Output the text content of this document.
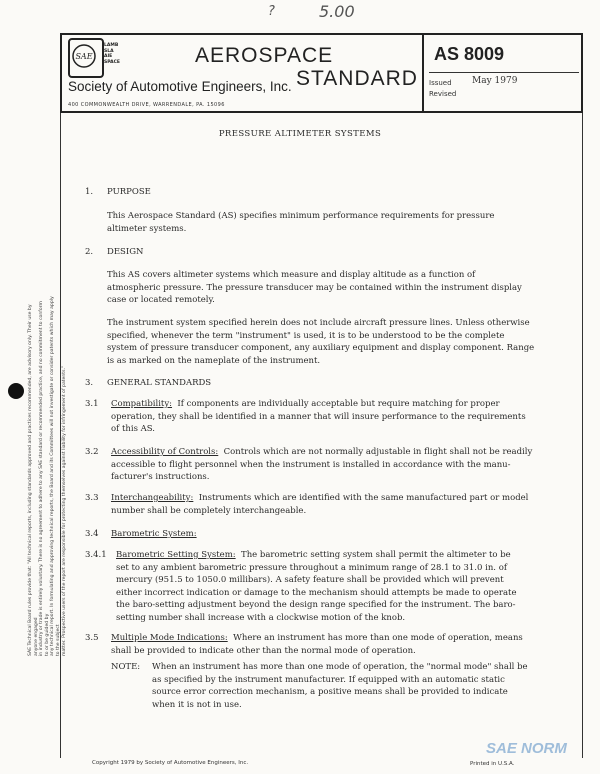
?	5.00
SAE
LAMB
SLA
AIE
SPACE	AEROSPACE
STANDARD
Society of Automotive Engineers, Inc.
400 COMMONWEALTH DRIVE, WARRENDALE, PA. 15096
AS 8009
Issued May 1979
Revised
PRESSURE ALTIMETER SYSTEMS
1. PURPOSE
This Aerospace Standard (AS) specifies minimum performance requirements for pressure
altimeter systems.
2. DESIGN
This AS covers altimeter systems which measure and display altitude as a function of
atmospheric pressure. The pressure transducer may be contained within the instrument display
case or located remotely.
The instrument system specified herein does not include aircraft pressure lines. Unless otherwise
specified, whenever the term "instrument" is used, it is to be understood to be the complete
system of pressure transducer component, any auxiliary equipment and display component. Range
is as marked on the nameplate of the instrument.
3. GENERAL STANDARDS
3.1 Compatibility: If components are individually acceptable but require matching for proper
operation, they shall be identified in a manner that will insure performance to the requirements
of this AS.
3.2 Accessibility of Controls: Controls which are not normally adjustable in flight shall not be readily
accessible to flight personnel when the instrument is installed in accordance with the manu-
facturer's instructions.
3.3 Interchangeability: Instruments which are identified with the same manufactured part or model
number shall be completely interchangeable.
3.4 Barometric System:
3.4.1 Barometric Setting System: The barometric setting system shall permit the altimeter to be
set to any ambient barometric pressure throughout a minimum range of 28.1 to 31.0 in. of
mercury (951.5 to 1050.0 millibars). A safety feature shall be provided which will prevent
either incorrect indication or damage to the mechanism should attempts be made to operate
the baro-setting adjustment beyond the design range specified for the instrument. The baro-
setting number shall increase with a clockwise motion of the knob.
3.5 Multiple Mode Indications: Where an instrument has more than one mode of operation, means
shall be provided to indicate other than the normal mode of operation.
NOTE: When an instrument has more than one mode of operation, the "normal mode" shall be
as specified by the instrument manufacturer. If equipped with an automatic static
source error correction mechanism, a positive means shall be provided to indicate
when it is not in use.
SAE Technical Board rules provide that: "All technical reports, including standards approved and practices recommended, are advisory only. Their use by anyone engaged in industry or trade is entirely voluntary. There is no agreement to adhere to any SAE standard or recommended practice, and no commitment to conform to or be guided by any technical report. In formulating and approving technical reports, the Board and its Committees will not investigate or consider patents which may apply to the subject matter. Prospective users of the report are responsible for protecting themselves against liability for infringement of patents."
Copyright 1979 by Society of Automotive Engineers, Inc.	Printed in U.S.A.
SAE NORM
